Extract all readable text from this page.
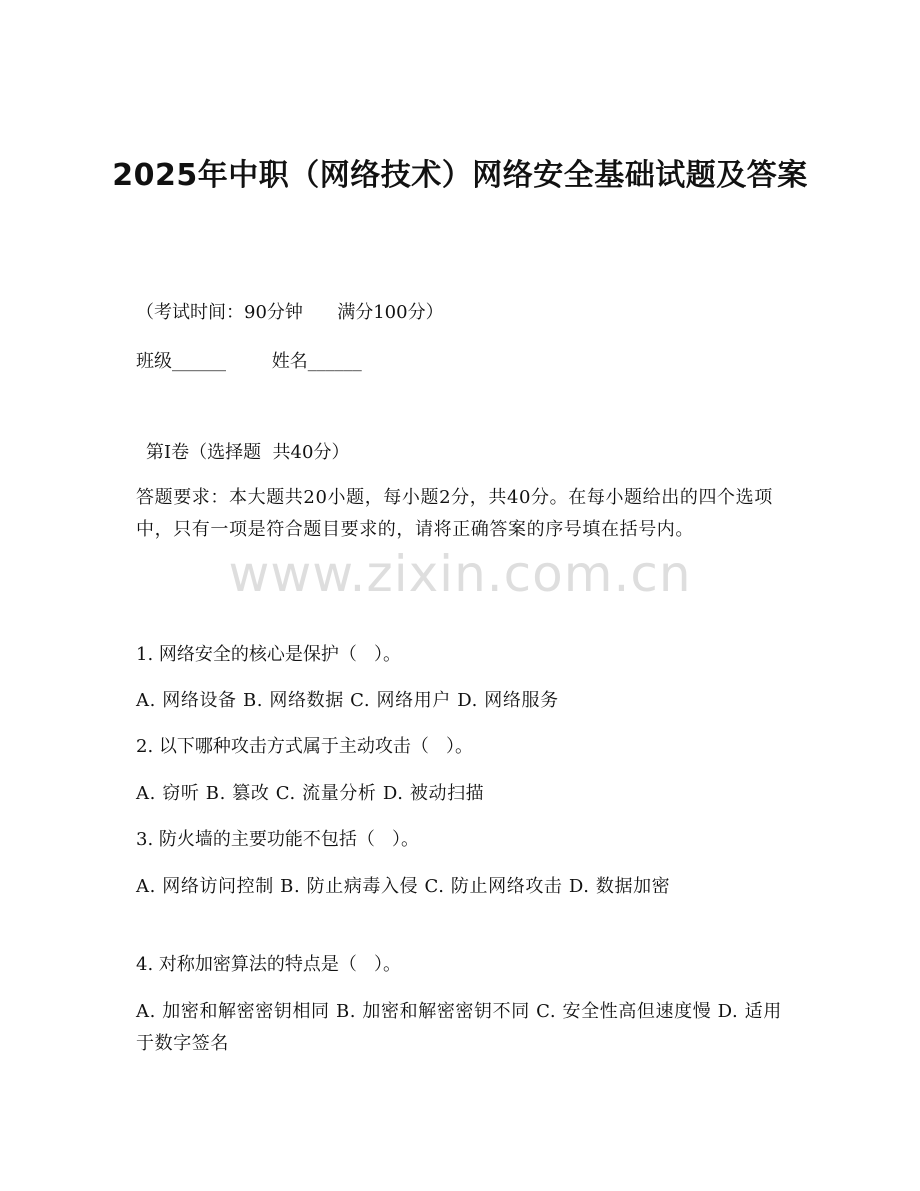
2025年中职（网络技术）网络安全基础试题及答案
（考试时间：90分钟      满分100分）
班级______        姓名______
第I卷（选择题  共40分）
答题要求：本大题共20小题，每小题2分，共40分。在每小题给出的四个选项中，只有一项是符合题目要求的，请将正确答案的序号填在括号内。
www.zixin.com.cn
1. 网络安全的核心是保护（   ）。
A. 网络设备 B. 网络数据 C. 网络用户 D. 网络服务
2. 以下哪种攻击方式属于主动攻击（   ）。
A. 窃听 B. 篡改 C. 流量分析 D. 被动扫描
3. 防火墙的主要功能不包括（   ）。
A. 网络访问控制 B. 防止病毒入侵 C. 防止网络攻击 D. 数据加密
4. 对称加密算法的特点是（   ）。
A. 加密和解密密钥相同 B. 加密和解密密钥不同 C. 安全性高但速度慢 D. 适用于数字签名
